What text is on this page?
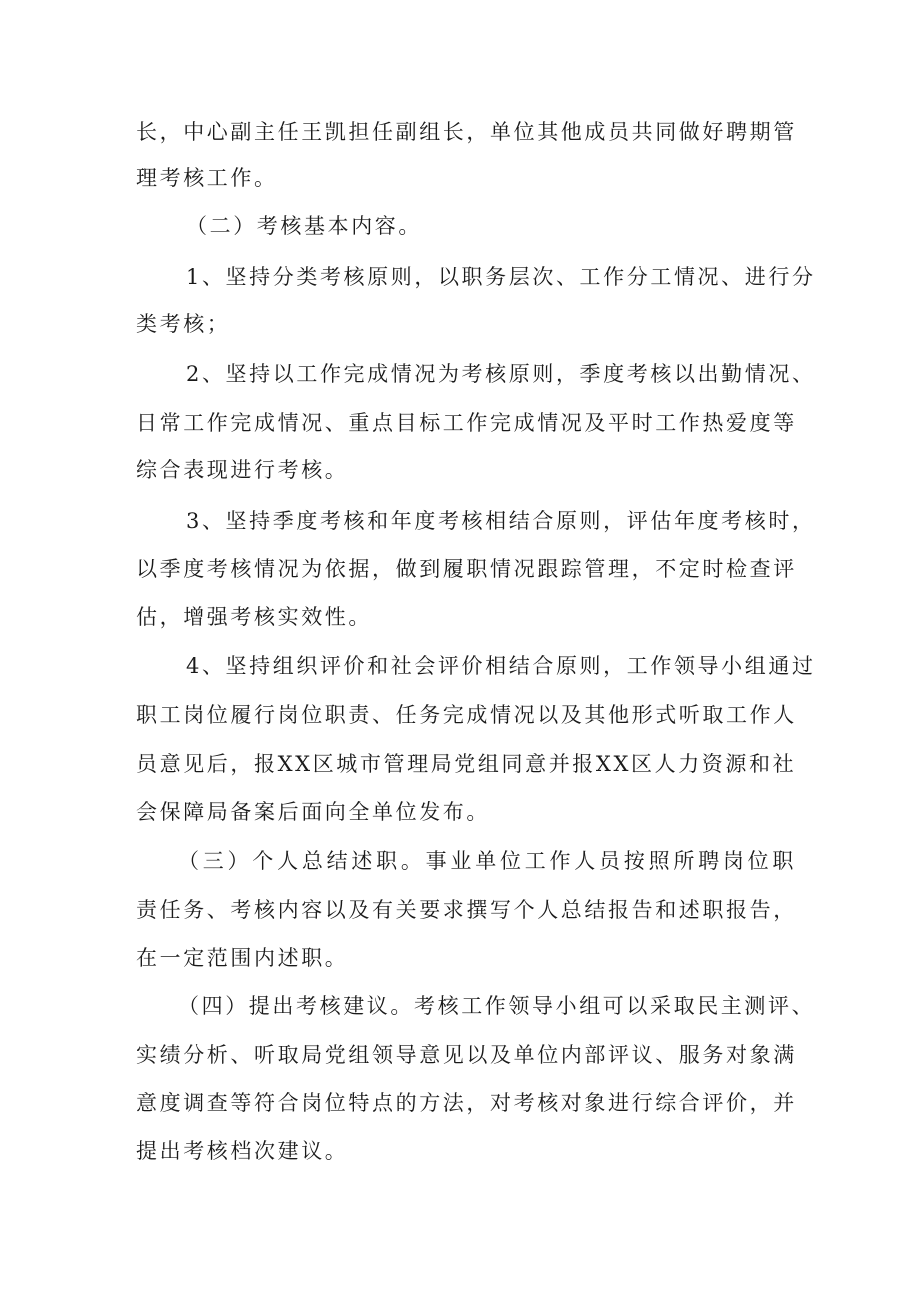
长，中心副主任王凯担任副组长，单位其他成员共同做好聘期管
理考核工作。
（二）考核基本内容。
1、坚持分类考核原则，以职务层次、工作分工情况、进行分
类考核；
2、坚持以工作完成情况为考核原则，季度考核以出勤情况、
日常工作完成情况、重点目标工作完成情况及平时工作热爱度等
综合表现进行考核。
3、坚持季度考核和年度考核相结合原则，评估年度考核时，
以季度考核情况为依据，做到履职情况跟踪管理，不定时检查评
估，增强考核实效性。
4、坚持组织评价和社会评价相结合原则，工作领导小组通过
职工岗位履行岗位职责、任务完成情况以及其他形式听取工作人
员意见后，报XX区城市管理局党组同意并报XX区人力资源和社
会保障局备案后面向全单位发布。
（三）个人总结述职。事业单位工作人员按照所聘岗位职
责任务、考核内容以及有关要求撰写个人总结报告和述职报告，
在一定范围内述职。
（四）提出考核建议。考核工作领导小组可以采取民主测评、
实绩分析、听取局党组领导意见以及单位内部评议、服务对象满
意度调查等符合岗位特点的方法，对考核对象进行综合评价，并
提出考核档次建议。
